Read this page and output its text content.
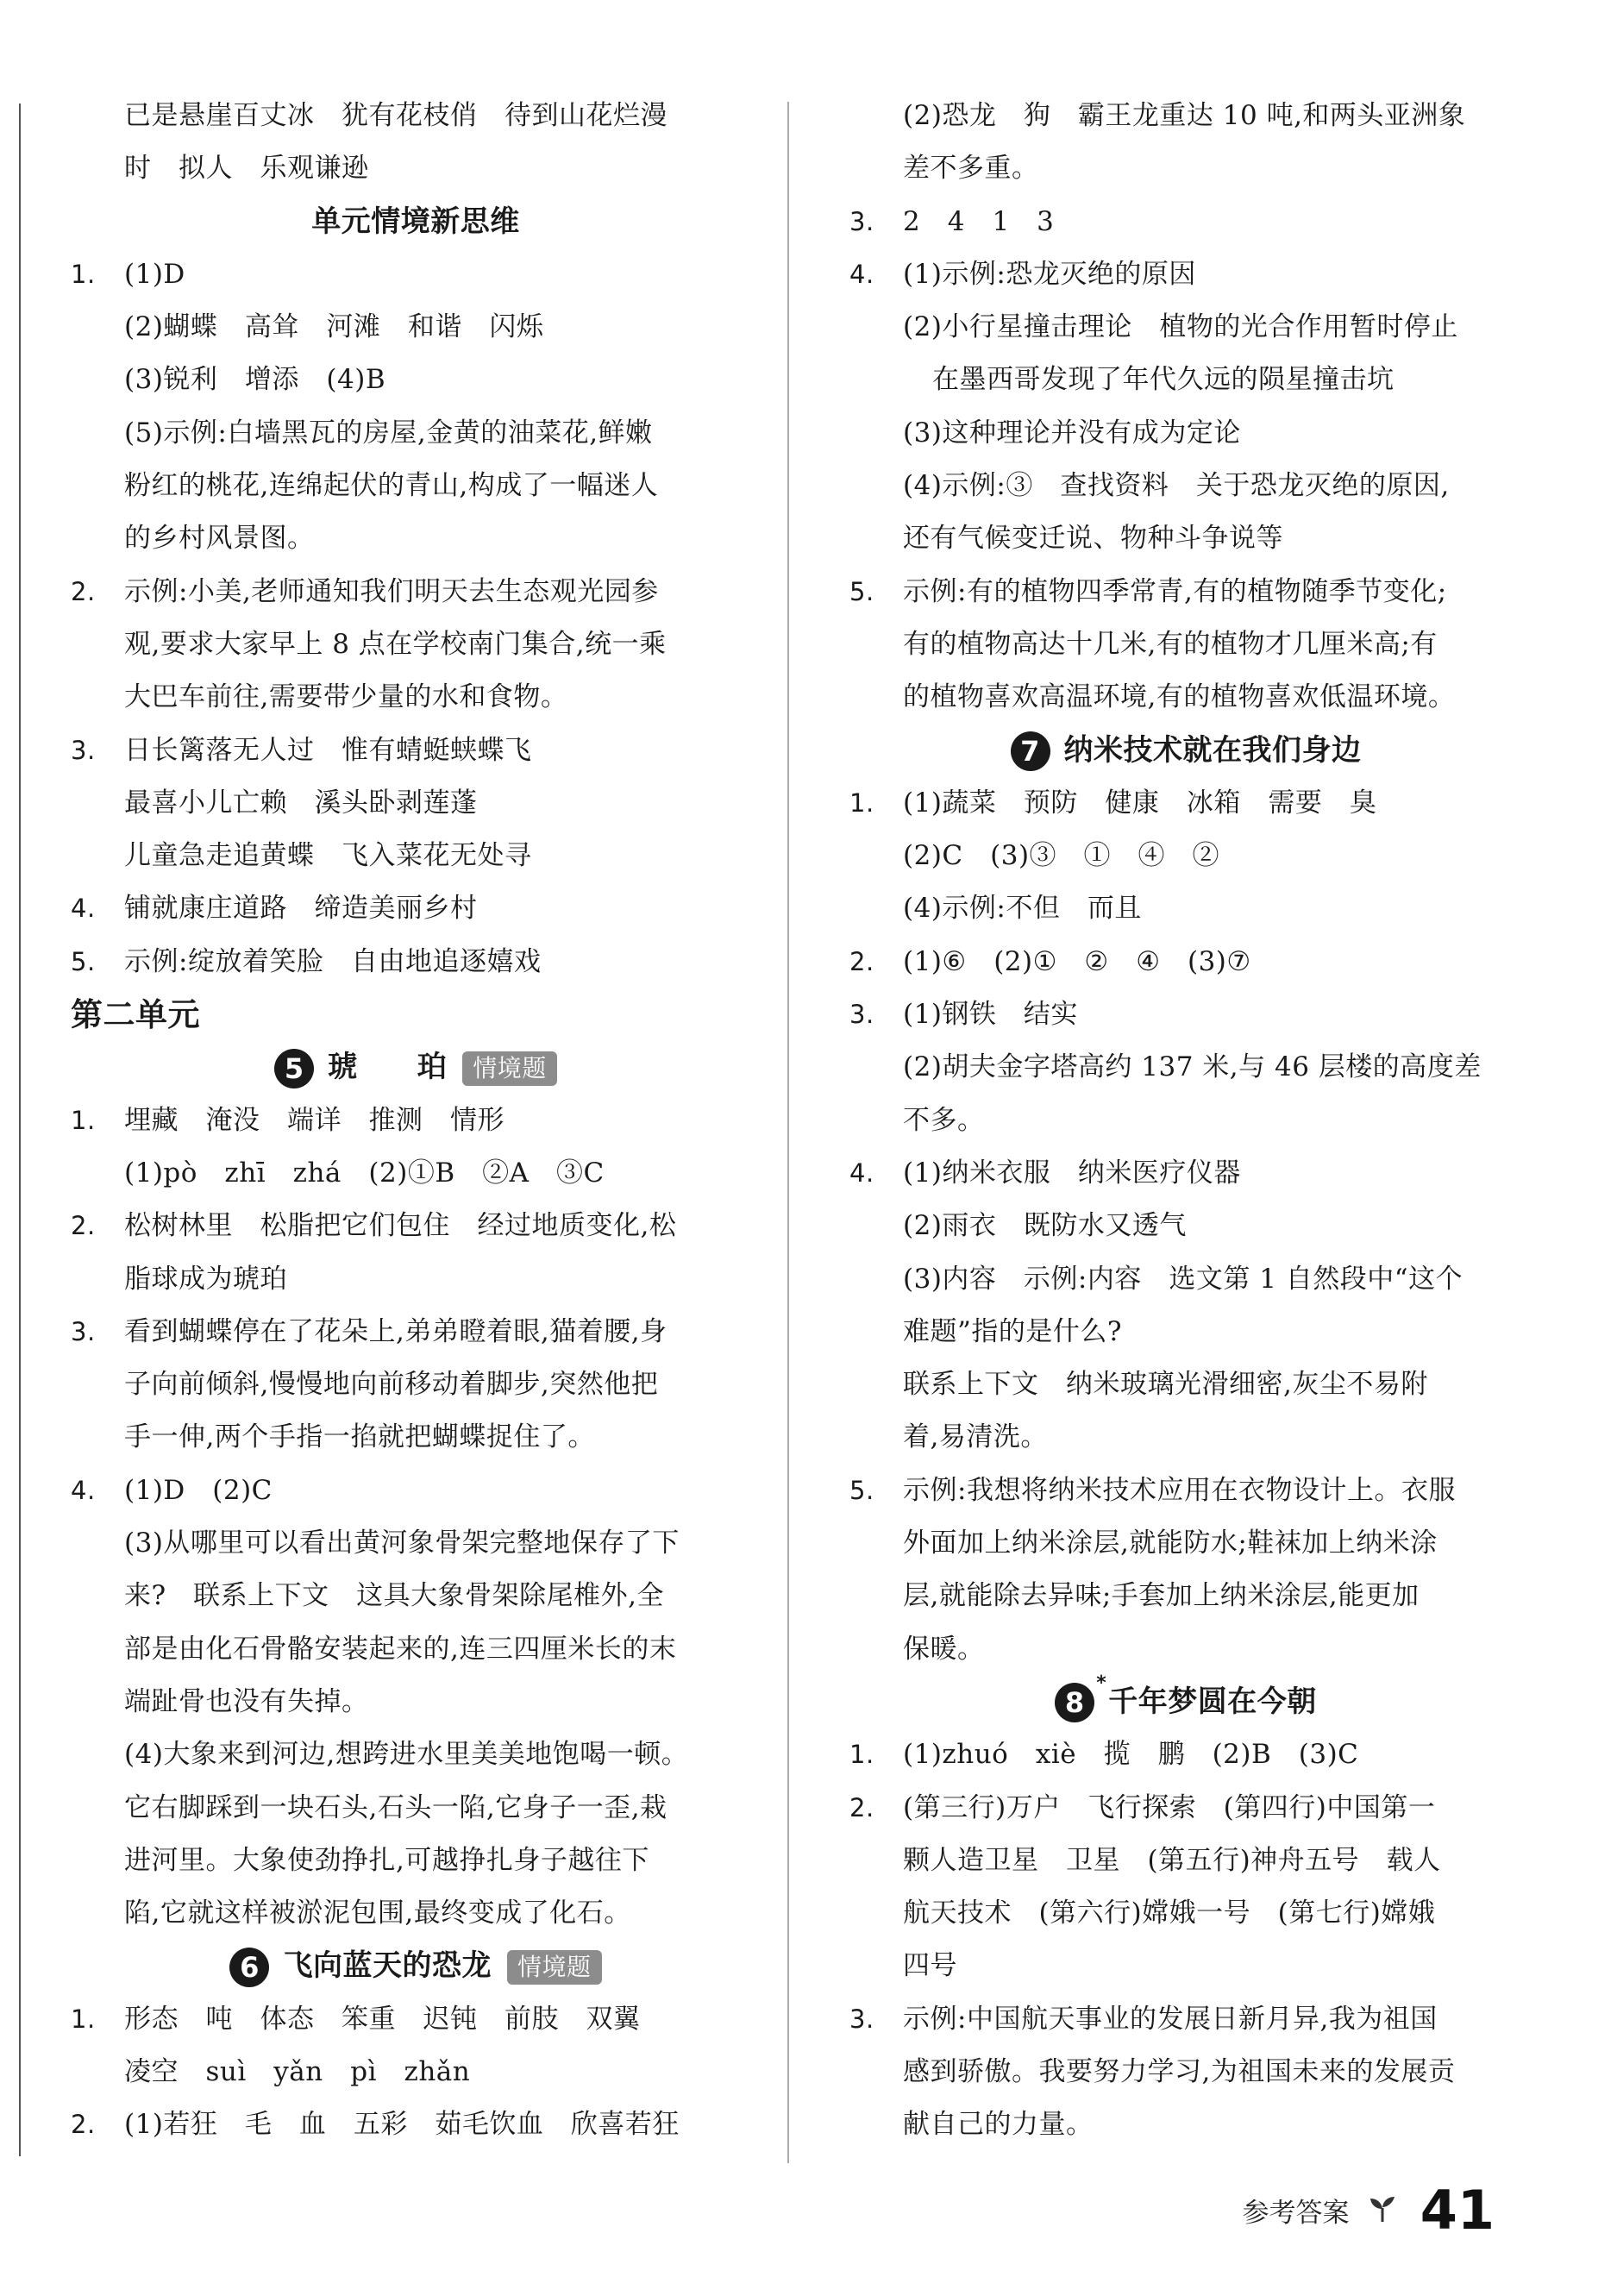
已是悬崖百丈冰　犹有花枝俏　待到山花烂漫
时　拟人　乐观谦逊
单元情境新思维
1. (1)D
(2)蝴蝶　高耸　河滩　和谐　闪烁
(3)锐利　增添　(4)B
(5)示例:白墙黑瓦的房屋,金黄的油菜花,鲜嫩
粉红的桃花,连绵起伏的青山,构成了一幅迷人
的乡村风景图。
2. 示例:小美,老师通知我们明天去生态观光园参
观,要求大家早上 8 点在学校南门集合,统一乘
大巴车前往,需要带少量的水和食物。
3. 日长篱落无人过　惟有蜻蜓蛱蝶飞
最喜小儿亡赖　溪头卧剥莲蓬
儿童急走追黄蝶　飞入菜花无处寻
4. 铺就康庄道路　缔造美丽乡村
5. 示例:绽放着笑脸　自由地追逐嬉戏
第二单元
5 琥　　珀 情境题
1. 埋藏　淹没　端详　推测　情形
(1)pò　zhī　zhá　(2)①B　②A　③C
2. 松树林里　松脂把它们包住　经过地质变化,松
脂球成为琥珀
3. 看到蝴蝶停在了花朵上,弟弟瞪着眼,猫着腰,身
子向前倾斜,慢慢地向前移动着脚步,突然他把
手一伸,两个手指一掐就把蝴蝶捉住了。
4. (1)D　(2)C
(3)从哪里可以看出黄河象骨架完整地保存了下
来?　联系上下文　这具大象骨架除尾椎外,全
部是由化石骨骼安装起来的,连三四厘米长的末
端趾骨也没有失掉。
(4)大象来到河边,想跨进水里美美地饱喝一顿。
它右脚踩到一块石头,石头一陷,它身子一歪,栽
进河里。大象使劲挣扎,可越挣扎身子越往下
陷,它就这样被淤泥包围,最终变成了化石。
6 飞向蓝天的恐龙 情境题
1. 形态　吨　体态　笨重　迟钝　前肢　双翼
凌空　suì　yǎn　pì　zhǎn
2. (1)若狂　毛　血　五彩　茹毛饮血　欣喜若狂
(2)恐龙　狗　霸王龙重达 10 吨,和两头亚洲象
差不多重。
3. 2　4　1　3
4. (1)示例:恐龙灭绝的原因
(2)小行星撞击理论　植物的光合作用暂时停止
在墨西哥发现了年代久远的陨星撞击坑
(3)这种理论并没有成为定论
(4)示例:③　查找资料　关于恐龙灭绝的原因,
还有气候变迁说、物种斗争说等
5. 示例:有的植物四季常青,有的植物随季节变化;
有的植物高达十几米,有的植物才几厘米高;有
的植物喜欢高温环境,有的植物喜欢低温环境。
7 纳米技术就在我们身边
1. (1)蔬菜　预防　健康　冰箱　需要　臭
(2)C　(3)③　①　④　②
(4)示例:不但　而且
2. (1)⑥　(2)①　②　④　(3)⑦
3. (1)钢铁　结实
(2)胡夫金字塔高约 137 米,与 46 层楼的高度差
不多。
4. (1)纳米衣服　纳米医疗仪器
(2)雨衣　既防水又透气
(3)内容　示例:内容　选文第 1 自然段中“这个
难题”指的是什么?
联系上下文　纳米玻璃光滑细密,灰尘不易附
着,易清洗。
5. 示例:我想将纳米技术应用在衣物设计上。衣服
外面加上纳米涂层,就能防水;鞋袜加上纳米涂
层,就能除去异味;手套加上纳米涂层,能更加
保暖。
8
*
千年梦圆在今朝
1. (1)zhuó　xiè　揽　鹏　(2)B　(3)C
2. (第三行)万户　飞行探索　(第四行)中国第一
颗人造卫星　卫星　(第五行)神舟五号　载人
航天技术　(第六行)嫦娥一号　(第七行)嫦娥
四号
3. 示例:中国航天事业的发展日新月异,我为祖国
感到骄傲。我要努力学习,为祖国未来的发展贡
献自己的力量。
参考答案 41
